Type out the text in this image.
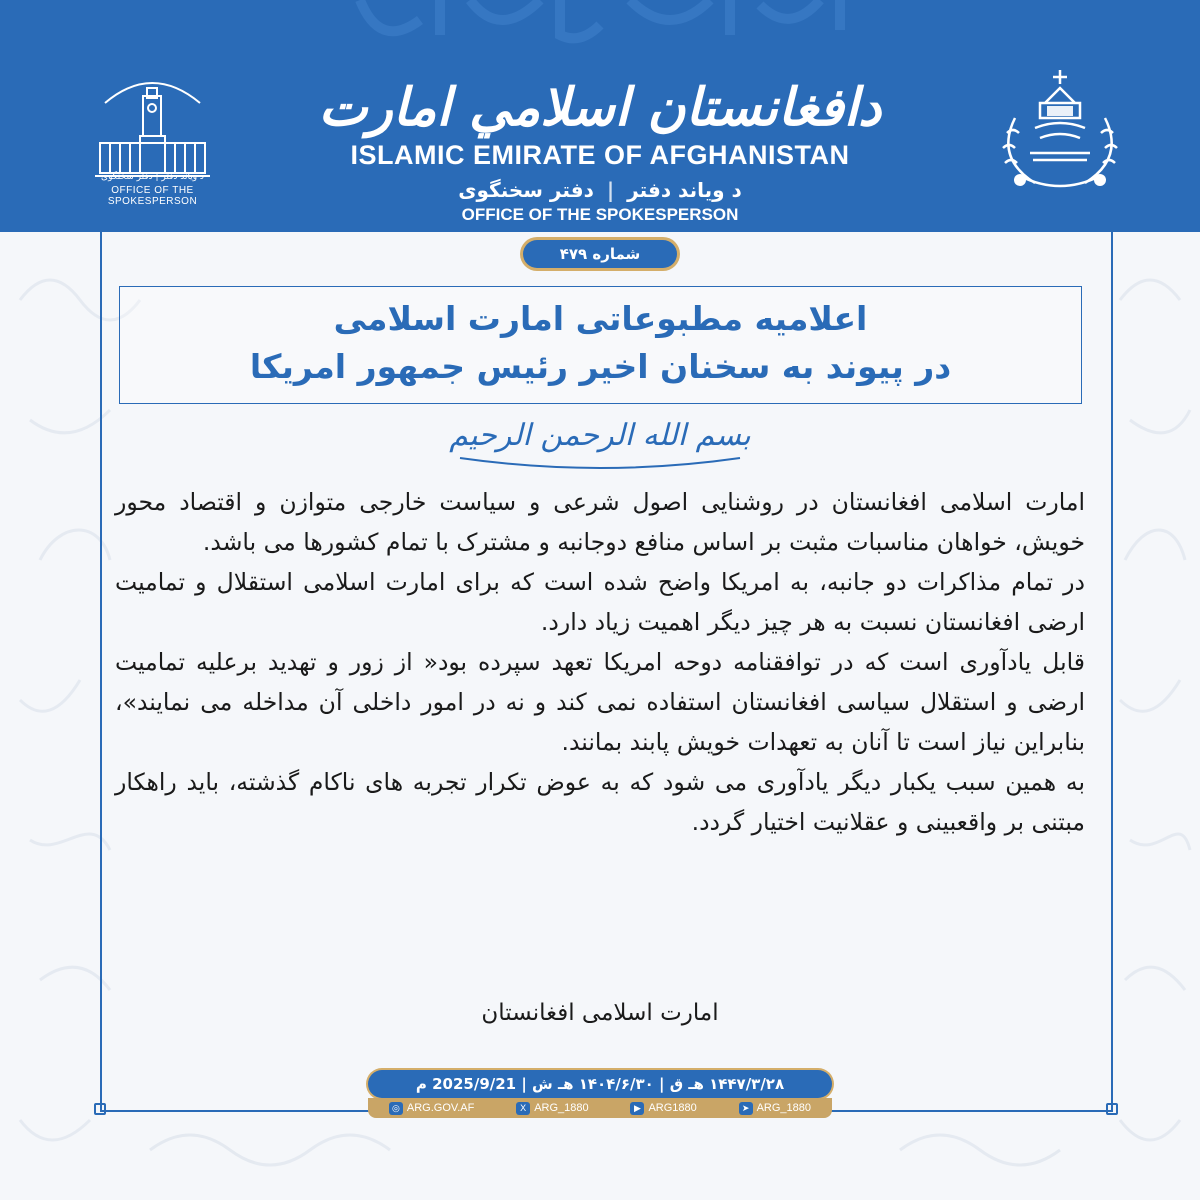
دافغانستان اسلامي امارت
ISLAMIC EMIRATE OF AFGHANISTAN
د ویاند دفتر | دفتر سخنگوی
OFFICE OF THE SPOKESPERSON
د ویاند دفتر | دفتر سخنگوی
OFFICE OF THE SPOKESPERSON
شماره ۴۷۹
اعلامیه مطبوعاتی امارت اسلامی
در پیوند به سخنان اخیر رئیس جمهور امریکا
بسم الله الرحمن الرحیم

امارت اسلامی افغانستان در روشنایی اصول شرعی و سیاست خارجی متوازن و اقتصاد محور خویش، خواهان مناسبات مثبت بر اساس منافع دوجانبه و مشترک با تمام کشورها می باشد.

در تمام مذاکرات دو جانبه، به امریکا واضح شده است که برای امارت اسلامی استقلال و تمامیت ارضی افغانستان نسبت به هر چیز دیگر اهمیت زیاد دارد.

قابل یادآوری است که در توافقنامه دوحه امریکا تعهد سپرده بود« از زور و تهدید برعلیه تمامیت ارضی و استقلال سیاسی افغانستان استفاده نمی کند و نه در امور داخلی آن مداخله می نمایند»، بنابراین نیاز است تا آنان به تعهدات خویش پابند بمانند.

به همین سبب یکبار دیگر یادآوری می شود که به عوض تکرار تجربه های ناکام گذشته، باید راهکار مبتنی بر واقعبینی و عقلانیت اختیار گردد.

امارت اسلامی افغانستان
۱۴۴۷/۳/۲۸ هـ ق | ۱۴۰۴/۶/۳۰ هـ ش | 2025/9/21 م
◎ ARG.GOV.AF	X ARG_1880	▶ ARG1880	➤ ARG_1880
